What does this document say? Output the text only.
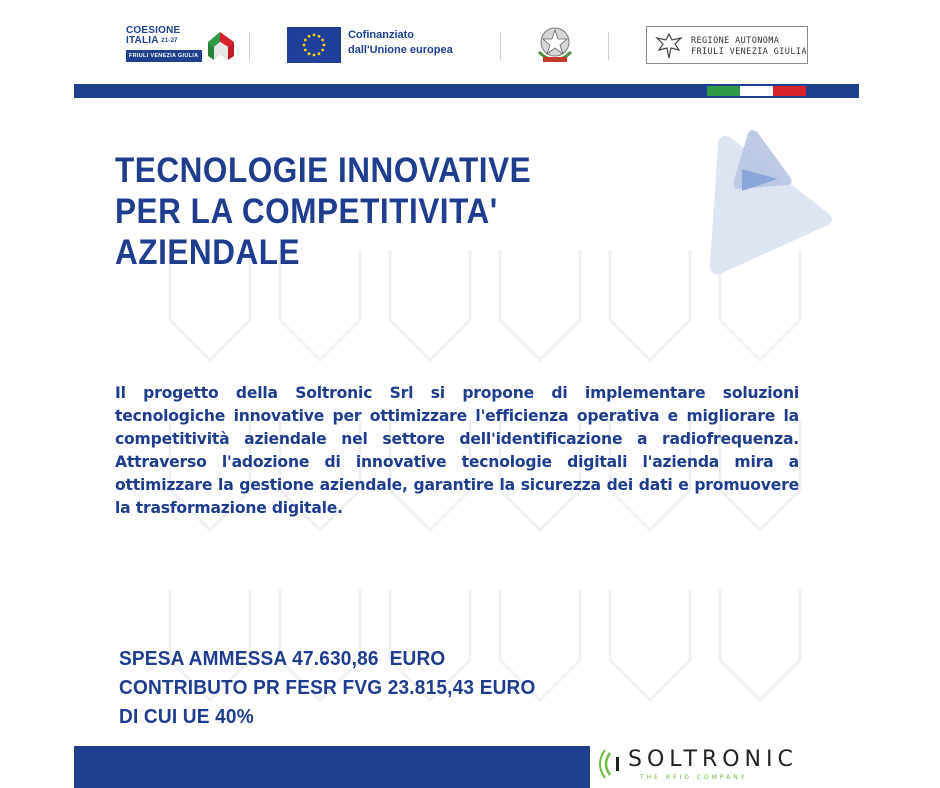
COESIONE
ITALIA $^{21-27}$
FRIULI VENEZIA GIULIA
Cofinanziato
dall'Unione europea
REGIONE AUTONOMA
FRIULI VENEZIA GIULIA
TECNOLOGIE INNOVATIVE
PER LA COMPETITIVITA'
AZIENDALE

Il progetto della Soltronic Srl si propone di implementare soluzioni tecnologiche innovative per ottimizzare l'efficienza operativa e migliorare la competitività aziendale nel settore dell'identificazione a radiofrequenza. Attraverso l'adozione di innovative tecnologie digitali l'azienda mira a ottimizzare la gestione aziendale, garantire la sicurezza dei dati e promuovere la trasformazione digitale.

SPESA AMMESSA 47.630,86  EURO
CONTRIBUTO PR FESR FVG 23.815,43 EURO
DI CUI UE 40%
SOLTRONIC
THE RFID COMPANY
